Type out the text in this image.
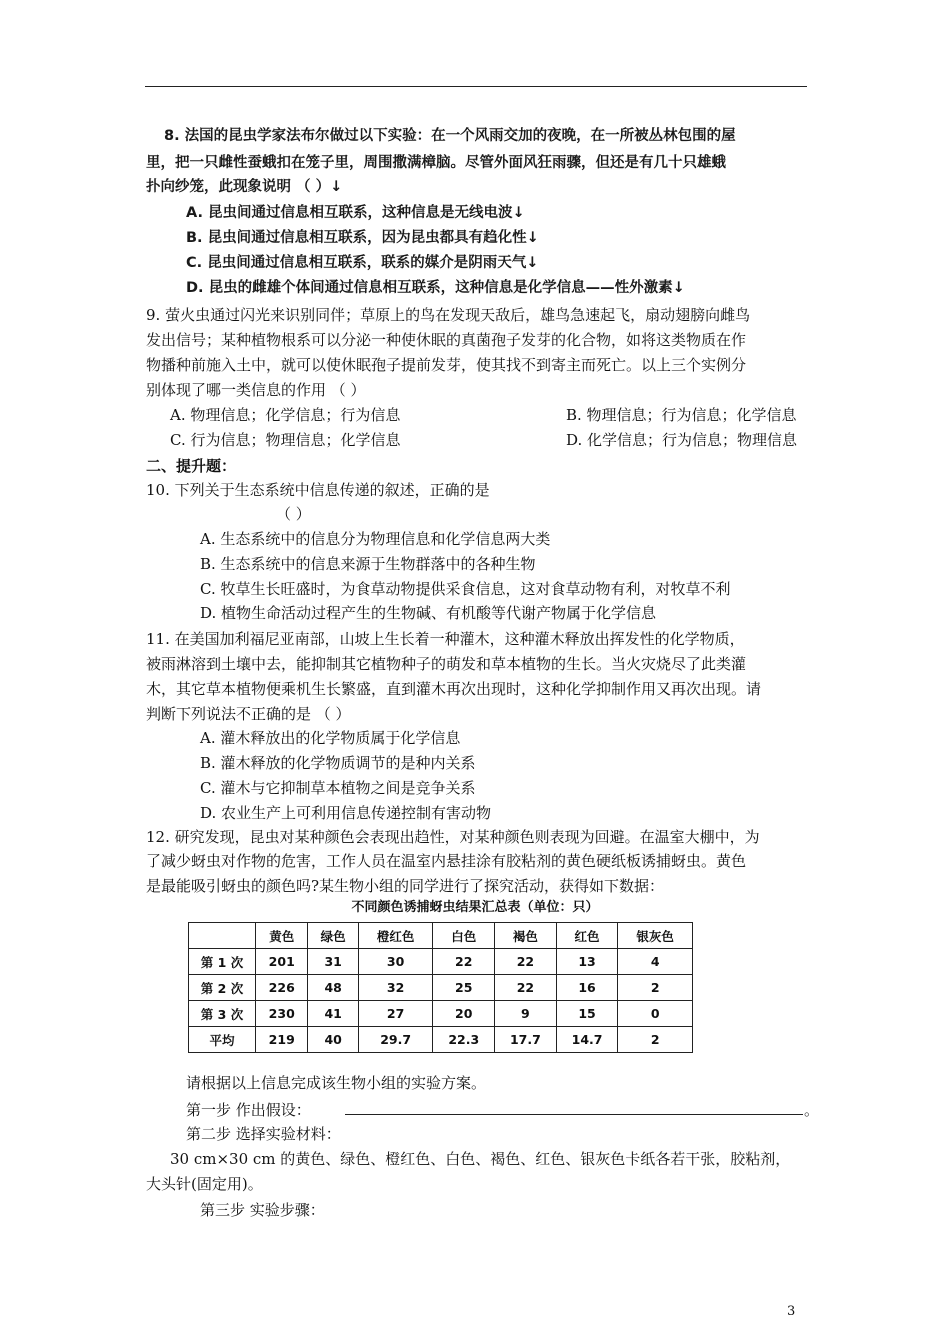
8. 法国的昆虫学家法布尔做过以下实验：在一个风雨交加的夜晚，在一所被丛林包围的屋
里，把一只雌性蚕蛾扣在笼子里，周围撒满樟脑。尽管外面风狂雨骤，但还是有几十只雄蛾
扑向纱笼，此现象说明 （ ）↓
A. 昆虫间通过信息相互联系，这种信息是无线电波↓
B. 昆虫间通过信息相互联系，因为昆虫都具有趋化性↓
C. 昆虫间通过信息相互联系，联系的媒介是阴雨天气↓
D. 昆虫的雌雄个体间通过信息相互联系，这种信息是化学信息——性外激素↓
9. 萤火虫通过闪光来识别同伴；草原上的鸟在发现天敌后，雄鸟急速起飞，扇动翅膀向雌鸟
发出信号；某种植物根系可以分泌一种使休眠的真菌孢子发芽的化合物，如将这类物质在作
物播种前施入土中，就可以使休眠孢子提前发芽，使其找不到寄主而死亡。以上三个实例分
别体现了哪一类信息的作用 （ ）
A. 物理信息；化学信息；行为信息	B. 物理信息；行为信息；化学信息
C. 行为信息；物理信息；化学信息	D. 化学信息；行为信息；物理信息
二、提升题：
10. 下列关于生态系统中信息传递的叙述，正确的是
（ ）
A. 生态系统中的信息分为物理信息和化学信息两大类
B. 生态系统中的信息来源于生物群落中的各种生物
C. 牧草生长旺盛时，为食草动物提供采食信息，这对食草动物有利，对牧草不利
D. 植物生命活动过程产生的生物碱、有机酸等代谢产物属于化学信息
11. 在美国加利福尼亚南部，山坡上生长着一种灌木，这种灌木释放出挥发性的化学物质，
被雨淋溶到土壤中去，能抑制其它植物种子的萌发和草本植物的生长。当火灾烧尽了此类灌
木，其它草本植物便乘机生长繁盛，直到灌木再次出现时，这种化学抑制作用又再次出现。请
判断下列说法不正确的是 （ ）
A. 灌木释放出的化学物质属于化学信息
B. 灌木释放的化学物质调节的是种内关系
C. 灌木与它抑制草本植物之间是竞争关系
D. 农业生产上可利用信息传递控制有害动物
12. 研究发现，昆虫对某种颜色会表现出趋性，对某种颜色则表现为回避。在温室大棚中，为
了减少蚜虫对作物的危害，工作人员在温室内悬挂涂有胶粘剂的黄色硬纸板诱捕蚜虫。黄色
是最能吸引蚜虫的颜色吗?某生物小组的同学进行了探究活动，获得如下数据：
不同颜色诱捕蚜虫结果汇总表（单位：只）
	黄色	绿色	橙红色	白色	褐色	红色	银灰色
第 1 次	201	31	30	22	22	13	4
第 2 次	226	48	32	25	22	16	2
第 3 次	230	41	27	20	9	15	0
平均	219	40	29.7	22.3	17.7	14.7	2
请根据以上信息完成该生物小组的实验方案。
第一步 作出假设：	。
第二步 选择实验材料：
30 cm×30 cm 的黄色、绿色、橙红色、白色、褐色、红色、银灰色卡纸各若干张，胶粘剂，
大头针(固定用)。
第三步 实验步骤：
3
